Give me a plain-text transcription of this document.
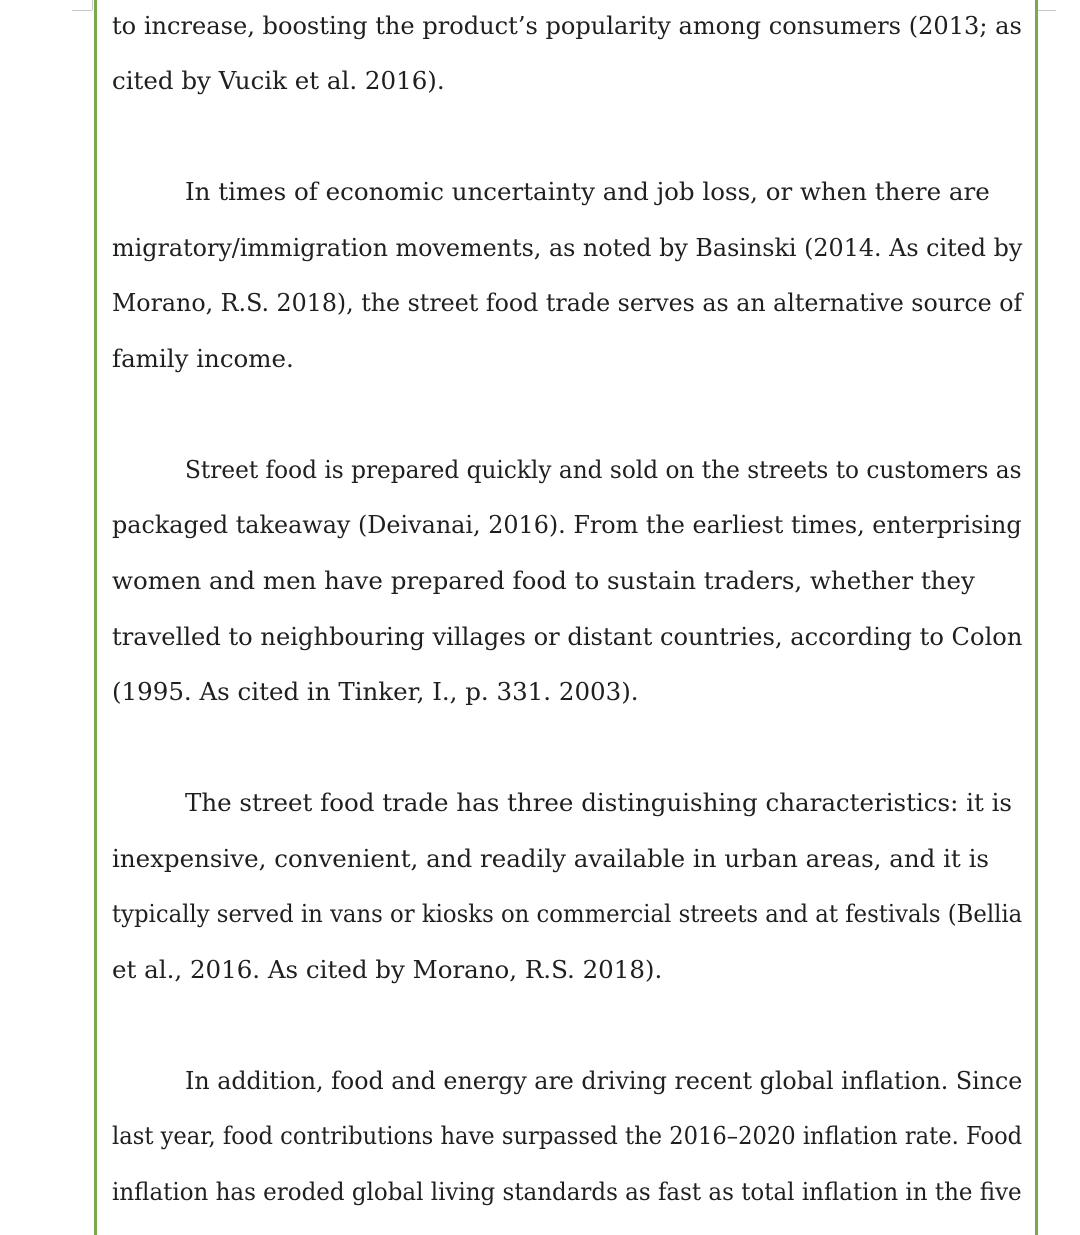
to increase, boosting the product’s popularity among consumers (2013; as
cited by Vucik et al. 2016).
In times of economic uncertainty and job loss, or when there are
migratory/immigration movements, as noted by Basinski (2014. As cited by
Morano, R.S. 2018), the street food trade serves as an alternative source of
family income.
Street food is prepared quickly and sold on the streets to customers as
packaged takeaway (Deivanai, 2016). From the earliest times, enterprising
women and men have prepared food to sustain traders, whether they
travelled to neighbouring villages or distant countries, according to Colon
(1995. As cited in Tinker, I., p. 331. 2003).
The street food trade has three distinguishing characteristics: it is
inexpensive, convenient, and readily available in urban areas, and it is
typically served in vans or kiosks on commercial streets and at festivals (Bellia
et al., 2016. As cited by Morano, R.S. 2018).
In addition, food and energy are driving recent global inflation. Since
last year, food contributions have surpassed the 2016–2020 inflation rate. Food
inflation has eroded global living standards as fast as total inflation in the five
